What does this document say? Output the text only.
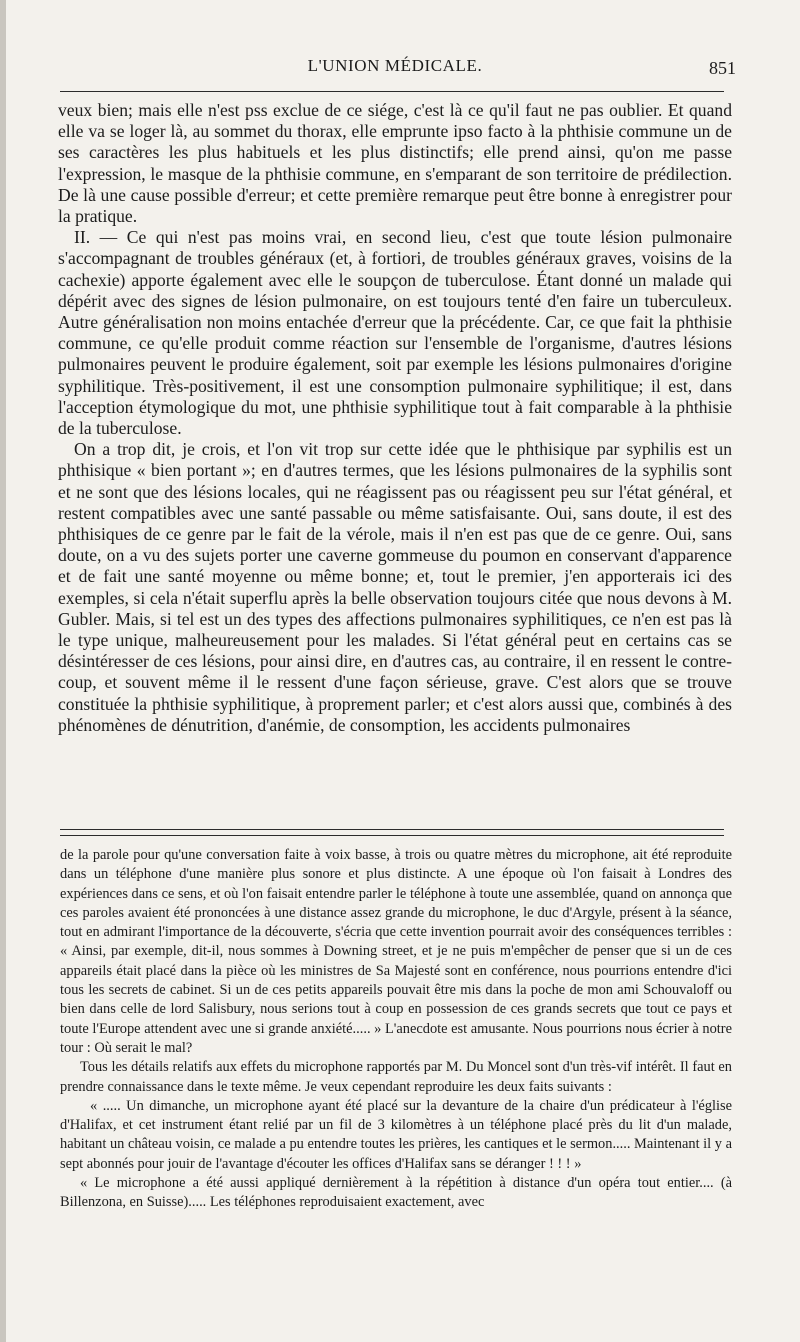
L'UNION MÉDICALE.	851

veux bien; mais elle n'est pss exclue de ce siége, c'est là ce qu'il faut ne pas oublier. Et quand elle va se loger là, au sommet du thorax, elle emprunte ipso facto à la phthisie commune un de ses caractères les plus habituels et les plus distinctifs; elle prend ainsi, qu'on me passe l'expression, le masque de la phthisie commune, en s'emparant de son territoire de prédilection. De là une cause possible d'erreur; et cette première remarque peut être bonne à enregistrer pour la pratique.

II. — Ce qui n'est pas moins vrai, en second lieu, c'est que toute lésion pulmonaire s'accompagnant de troubles généraux (et, à fortiori, de troubles généraux graves, voisins de la cachexie) apporte également avec elle le soupçon de tuberculose. Étant donné un malade qui dépérit avec des signes de lésion pulmonaire, on est toujours tenté d'en faire un tuberculeux. Autre généralisation non moins entachée d'erreur que la précédente. Car, ce que fait la phthisie commune, ce qu'elle produit comme réaction sur l'ensemble de l'organisme, d'autres lésions pulmonaires peuvent le produire également, soit par exemple les lésions pulmonaires d'origine syphilitique. Très-positivement, il est une consomption pulmonaire syphilitique; il est, dans l'acception étymologique du mot, une phthisie syphilitique tout à fait comparable à la phthisie de la tuberculose.

On a trop dit, je crois, et l'on vit trop sur cette idée que le phthisique par syphilis est un phthisique « bien portant »; en d'autres termes, que les lésions pulmonaires de la syphilis sont et ne sont que des lésions locales, qui ne réagissent pas ou réagissent peu sur l'état général, et restent compatibles avec une santé passable ou même satisfaisante. Oui, sans doute, il est des phthisiques de ce genre par le fait de la vérole, mais il n'en est pas que de ce genre. Oui, sans doute, on a vu des sujets porter une caverne gommeuse du poumon en conservant d'apparence et de fait une santé moyenne ou même bonne; et, tout le premier, j'en apporterais ici des exemples, si cela n'était superflu après la belle observation toujours citée que nous devons à M. Gubler. Mais, si tel est un des types des affections pulmonaires syphilitiques, ce n'en est pas là le type unique, malheureusement pour les malades. Si l'état général peut en certains cas se désintéresser de ces lésions, pour ainsi dire, en d'autres cas, au contraire, il en ressent le contre-coup, et souvent même il le ressent d'une façon sérieuse, grave. C'est alors que se trouve constituée la phthisie syphilitique, à proprement parler; et c'est alors aussi que, combinés à des phénomènes de dénutrition, d'anémie, de consomption, les accidents pulmonaires

de la parole pour qu'une conversation faite à voix basse, à trois ou quatre mètres du microphone, ait été reproduite dans un téléphone d'une manière plus sonore et plus distincte. A une époque où l'on faisait à Londres des expériences dans ce sens, et où l'on faisait entendre parler le téléphone à toute une assemblée, quand on annonça que ces paroles avaient été prononcées à une distance assez grande du microphone, le duc d'Argyle, présent à la séance, tout en admirant l'importance de la découverte, s'écria que cette invention pourrait avoir des conséquences terribles : « Ainsi, par exemple, dit-il, nous sommes à Downing street, et je ne puis m'empêcher de penser que si un de ces appareils était placé dans la pièce où les ministres de Sa Majesté sont en conférence, nous pourrions entendre d'ici tous les secrets de cabinet. Si un de ces petits appareils pouvait être mis dans la poche de mon ami Schouvaloff ou bien dans celle de lord Salisbury, nous serions tout à coup en possession de ces grands secrets que tout ce pays et toute l'Europe attendent avec une si grande anxiété..... » L'anecdote est amusante. Nous pourrions nous écrier à notre tour : Où serait le mal?

Tous les détails relatifs aux effets du microphone rapportés par M. Du Moncel sont d'un très-vif intérêt. Il faut en prendre connaissance dans le texte même. Je veux cependant reproduire les deux faits suivants :

« ..... Un dimanche, un microphone ayant été placé sur la devanture de la chaire d'un prédicateur à l'église d'Halifax, et cet instrument étant relié par un fil de 3 kilomètres à un téléphone placé près du lit d'un malade, habitant un château voisin, ce malade a pu entendre toutes les prières, les cantiques et le sermon..... Maintenant il y a sept abonnés pour jouir de l'avantage d'écouter les offices d'Halifax sans se déranger ! ! ! »

« Le microphone a été aussi appliqué dernièrement à la répétition à distance d'un opéra tout entier.... (à Billenzona, en Suisse)..... Les téléphones reproduisaient exactement, avec
